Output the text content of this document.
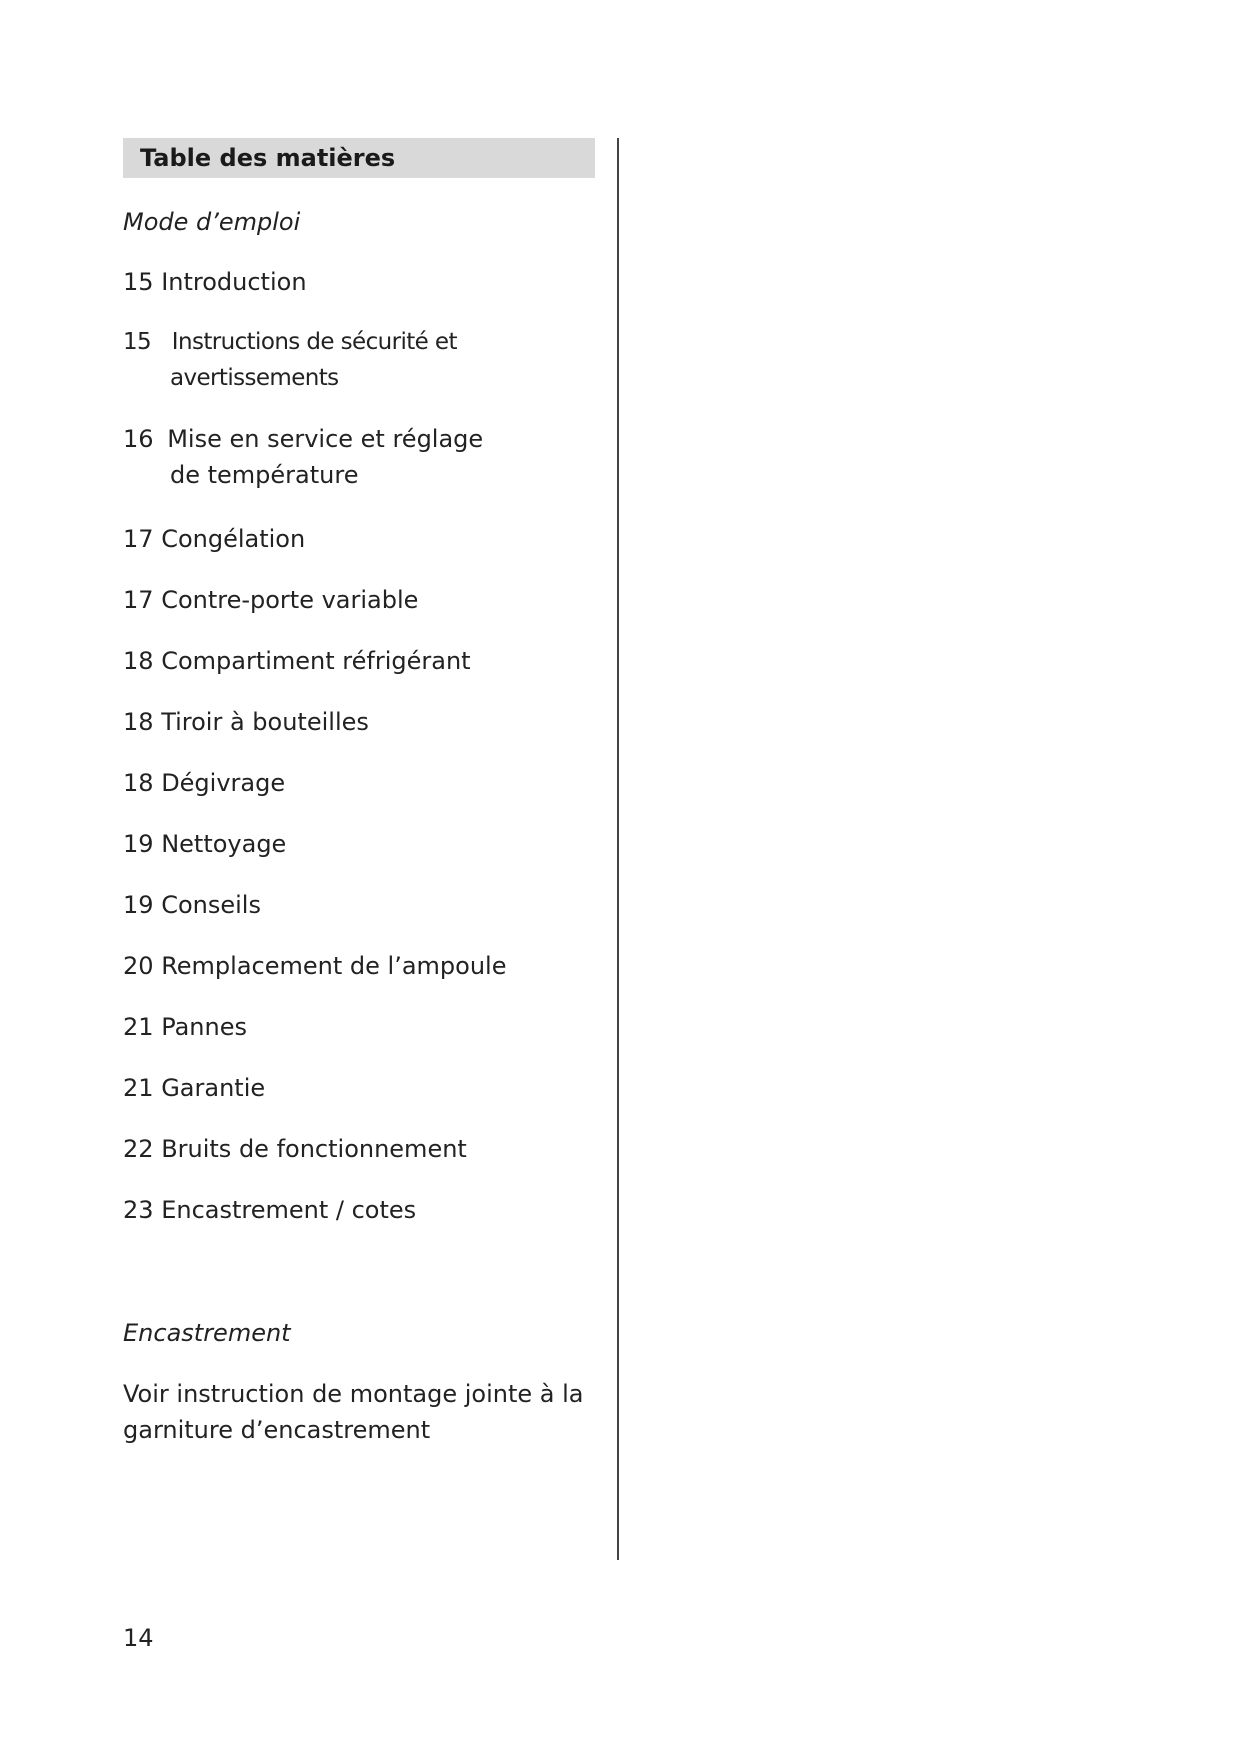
Table des matières
Mode d’emploi
15 Introduction
15 Instructions de sécurité et
avertissements
16 Mise en service et réglage
de température
17 Congélation
17 Contre-porte variable
18 Compartiment réfrigérant
18 Tiroir à bouteilles
18 Dégivrage
19 Nettoyage
19 Conseils
20 Remplacement de l’ampoule
21 Pannes
21 Garantie
22 Bruits de fonctionnement
23 Encastrement / cotes
Encastrement
Voir instruction de montage jointe à la garniture d’encastrement
14
